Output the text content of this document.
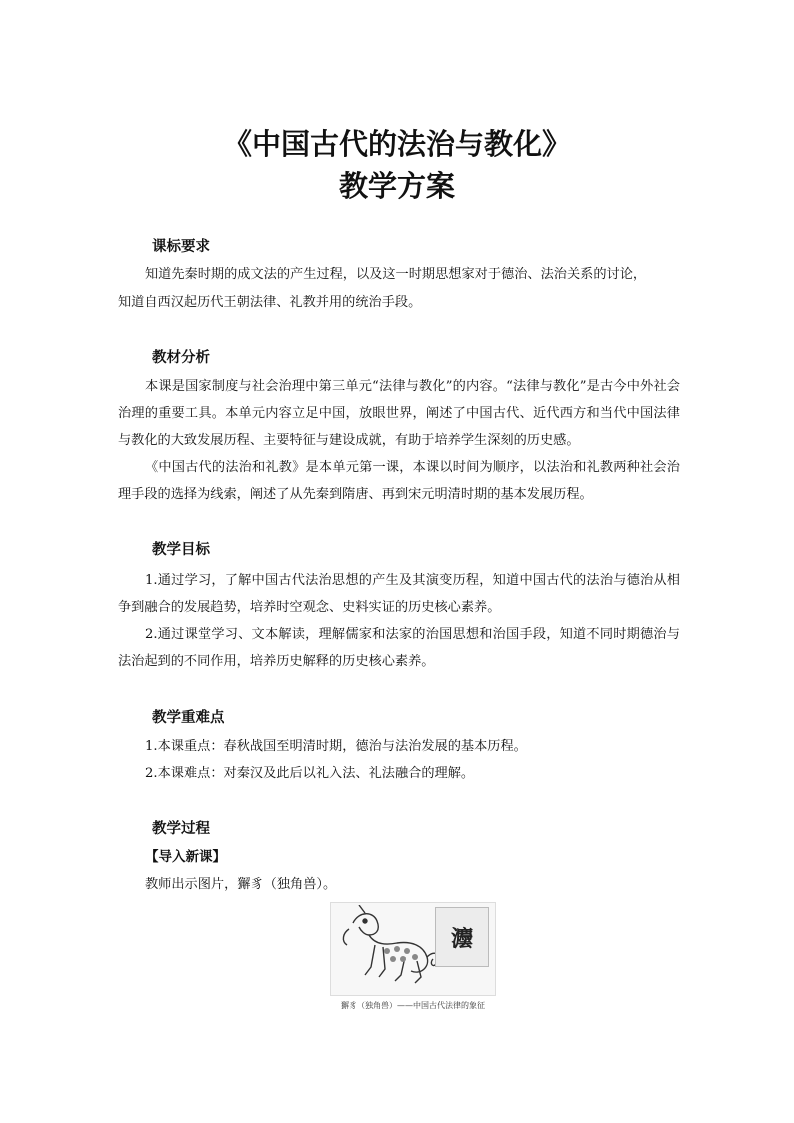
《中国古代的法治与教化》
教学方案
课标要求
知道先秦时期的成文法的产生过程，以及这一时期思想家对于德治、法治关系的讨论，
知道自西汉起历代王朝法律、礼教并用的统治手段。
教材分析
本课是国家制度与社会治理中第三单元“法律与教化”的内容。“法律与教化”是古今中外社会治理的重要工具。本单元内容立足中国，放眼世界，阐述了中国古代、近代西方和当代中国法律与教化的大致发展历程、主要特征与建设成就，有助于培养学生深刻的历史感。
《中国古代的法治和礼教》是本单元第一课，本课以时间为顺序，以法治和礼教两种社会治理手段的选择为线索，阐述了从先秦到隋唐、再到宋元明清时期的基本发展历程。
教学目标
1.通过学习，了解中国古代法治思想的产生及其演变历程，知道中国古代的法治与德治从相争到融合的发展趋势，培养时空观念、史料实证的历史核心素养。
2.通过课堂学习、文本解读，理解儒家和法家的治国思想和治国手段，知道不同时期德治与法治起到的不同作用，培养历史解释的历史核心素养。
教学重难点
1.本课重点：春秋战国至明清时期，德治与法治发展的基本历程。
2.本课难点：对秦汉及此后以礼入法、礼法融合的理解。
教学过程
【导入新课】
教师出示图片，獬豸（独角兽）。
灋
獬豸（独角兽）——中国古代法律的象征
